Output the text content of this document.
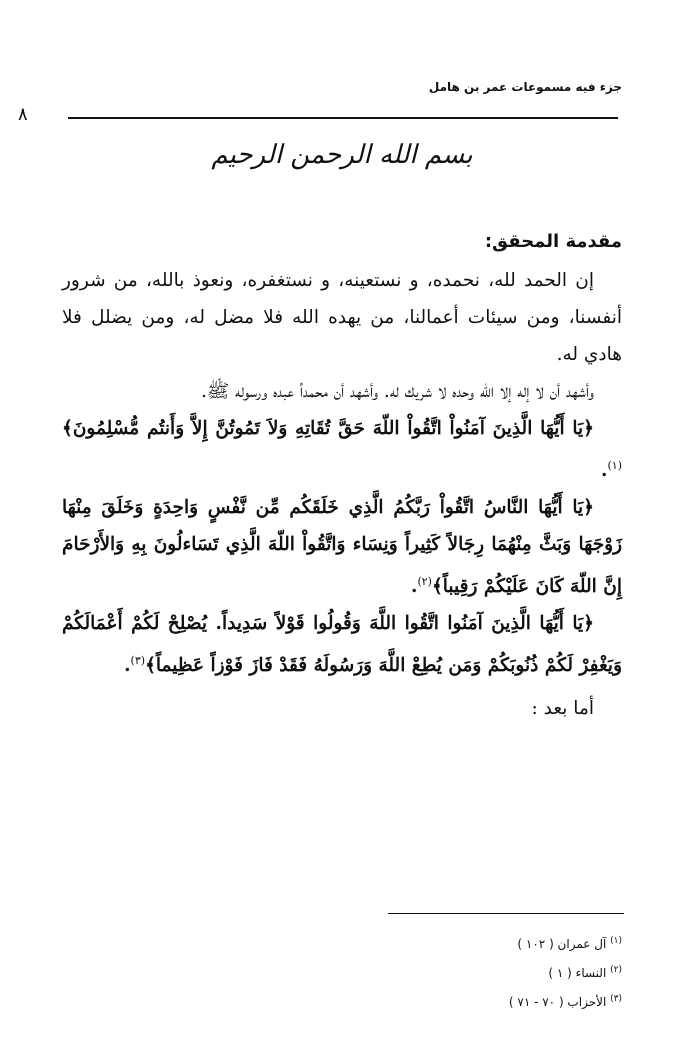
جزء فيه مسموعات عمر بن هامل
٨
بسم الله الرحمن الرحيم

مقدمة المحقق:

إن الحمد لله، نحمده، و نستعينه، و نستغفره، ونعوذ بالله، من شرور أنفسنا، ومن سيئات أعمالنا، من يهده الله فلا مضل له، ومن يضلل فلا هادي له.

وأشهد أن لا إله إلا الله وحده لا شريك له. وأشهد أن محمداً عبده ورسوله ﷺ.

﴿يَا أَيُّهَا الَّذِينَ آمَنُواْ اتَّقُواْ اللّهَ حَقَّ تُقَاتِهِ وَلاَ تَمُوتُنَّ إِلاَّ وَأَنتُم مُّسْلِمُونَ﴾$^{(١)}$.

﴿يَا أَيُّهَا النَّاسُ اتَّقُواْ رَبَّكُمُ الَّذِي خَلَقَكُم مِّن نَّفْسٍ وَاحِدَةٍ وَخَلَقَ مِنْهَا زَوْجَهَا وَبَثَّ مِنْهُمَا رِجَالاً كَثِيراً وَنِسَاء وَاتَّقُواْ اللّهَ الَّذِي تَسَاءلُونَ بِهِ وَالأَرْحَامَ إِنَّ اللّهَ كَانَ عَلَيْكُمْ رَقِيباً﴾$^{(٢)}$.

﴿يَا أَيُّهَا الَّذِينَ آمَنُوا اتَّقُوا اللَّهَ وَقُولُوا قَوْلاً سَدِيداً. يُصْلِحْ لَكُمْ أَعْمَالَكُمْ وَيَغْفِرْ لَكُمْ ذُنُوبَكُمْ وَمَن يُطِعْ اللَّهَ وَرَسُولَهُ فَقَدْ فَازَ فَوْزاً عَظِيماً﴾$^{(٣)}$.

أما بعد :

$^{(١)}$ آل عمران ( ١٠٢ )
$^{(٢)}$ النساء ( ١ )
$^{(٣)}$ الأحزاب ( ٧٠ - ٧١ )
